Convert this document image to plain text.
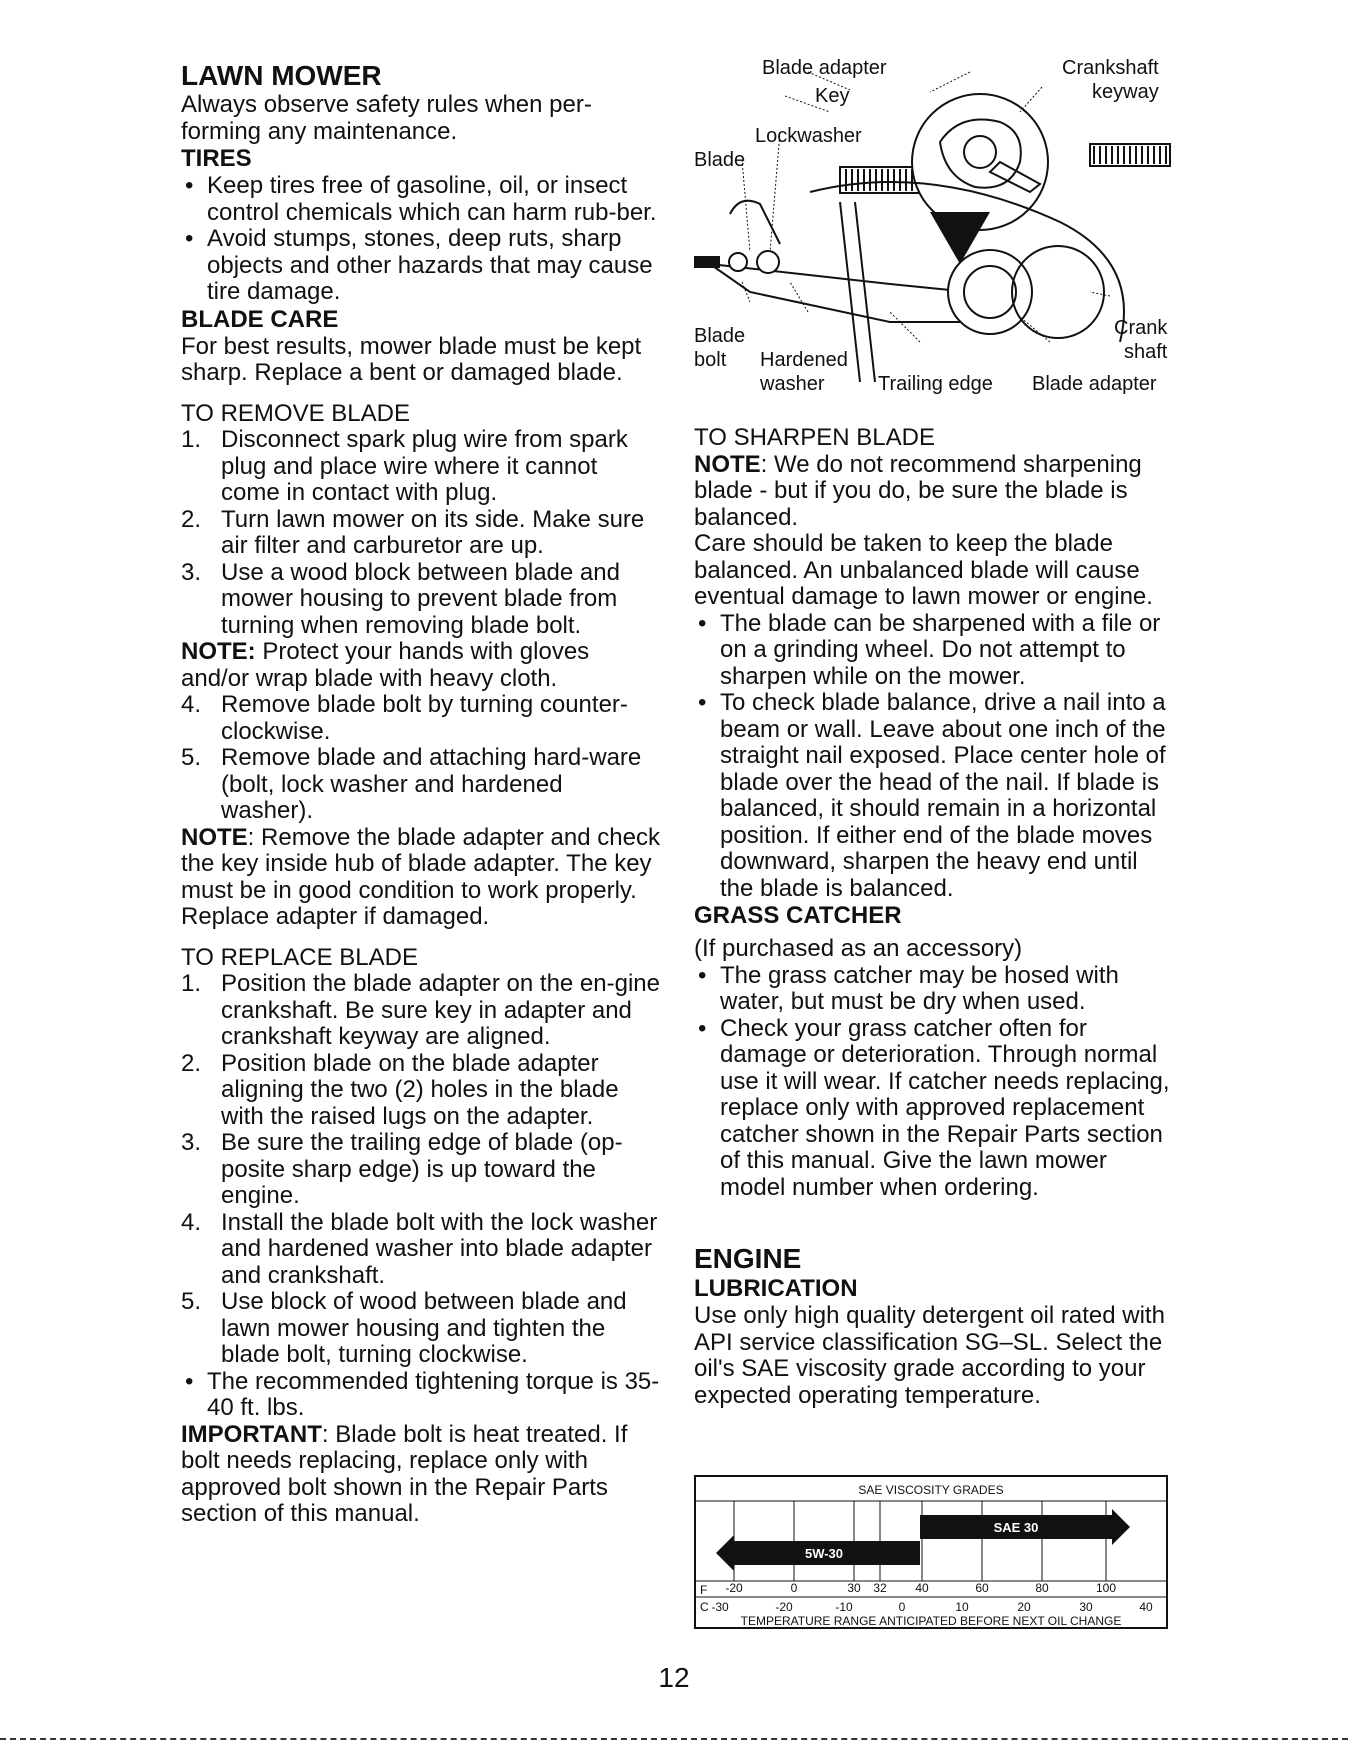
LAWN MOWER

Always observe safety rules when per-forming any maintenance.

TIRES

• Keep tires free of gasoline, oil, or insect control chemicals which can harm rub-ber.

• Avoid stumps, stones, deep ruts, sharp objects and other hazards that may cause tire damage.

BLADE CARE

For best results, mower blade must be kept sharp. Replace a bent or damaged blade.

TO REMOVE BLADE

1. Disconnect spark plug wire from spark plug and place wire where it cannot come in contact with plug.

2. Turn lawn mower on its side. Make sure air filter and carburetor are up.

3. Use a wood block between blade and mower housing to prevent blade from turning when removing blade bolt.

NOTE: Protect your hands with gloves and/or wrap blade with heavy cloth.

4. Remove blade bolt by turning counter-clockwise.

5. Remove blade and attaching hard-ware (bolt, lock washer and hardened washer).

NOTE: Remove the blade adapter and check the key inside hub of blade adapter. The key must be in good condition to work properly. Replace adapter if damaged.

TO REPLACE BLADE

1. Position the blade adapter on the en-gine crankshaft. Be sure key in adapter and crankshaft keyway are aligned.

2. Position blade on the blade adapter aligning the two (2) holes in the blade with the raised lugs on the adapter.

3. Be sure the trailing edge of blade (op-posite sharp edge) is up toward the engine.

4. Install the blade bolt with the lock washer and hardened washer into blade adapter and crankshaft.

5. Use block of wood between blade and lawn mower housing and tighten the blade bolt, turning clockwise.

• The recommended tightening torque is 35-40 ft. lbs.

IMPORTANT: Blade bolt is heat treated. If bolt needs replacing, replace only with approved bolt shown in the Repair Parts section of this manual.

Blade adapter
Key
Crankshaft
keyway
Lockwasher
Blade
Blade
bolt Hardened
washer	Trailing edge Blade adapter
Crank
shaft

TO SHARPEN BLADE

NOTE: We do not recommend sharpening blade - but if you do, be sure the blade is balanced.

Care should be taken to keep the blade balanced. An unbalanced blade will cause eventual damage to lawn mower or engine.

• The blade can be sharpened with a file or on a grinding wheel. Do not attempt to sharpen while on the mower.

• To check blade balance, drive a nail into a beam or wall. Leave about one inch of the straight nail exposed. Place center hole of blade over the head of the nail. If blade is balanced, it should remain in a horizontal position. If either end of the blade moves downward, sharpen the heavy end until the blade is balanced.

GRASS CATCHER

(If purchased as an accessory)

• The grass catcher may be hosed with water, but must be dry when used.

• Check your grass catcher often for damage or deterioration. Through normal use it will wear. If catcher needs replacing, replace only with approved replacement catcher shown in the Repair Parts section of this manual. Give the lawn mower model number when ordering.

ENGINE
LUBRICATION

Use only high quality detergent oil rated with API service classification SG–SL. Select the oil's SAE viscosity grade according to your expected operating temperature.

SAE VISCOSITY GRADES
SAE 30
5W-30
F -20	0	30 32 40	60	80	100
C -30	-20	-10	0	10	20	30	40
TEMPERATURE RANGE ANTICIPATED BEFORE NEXT OIL CHANGE
12
